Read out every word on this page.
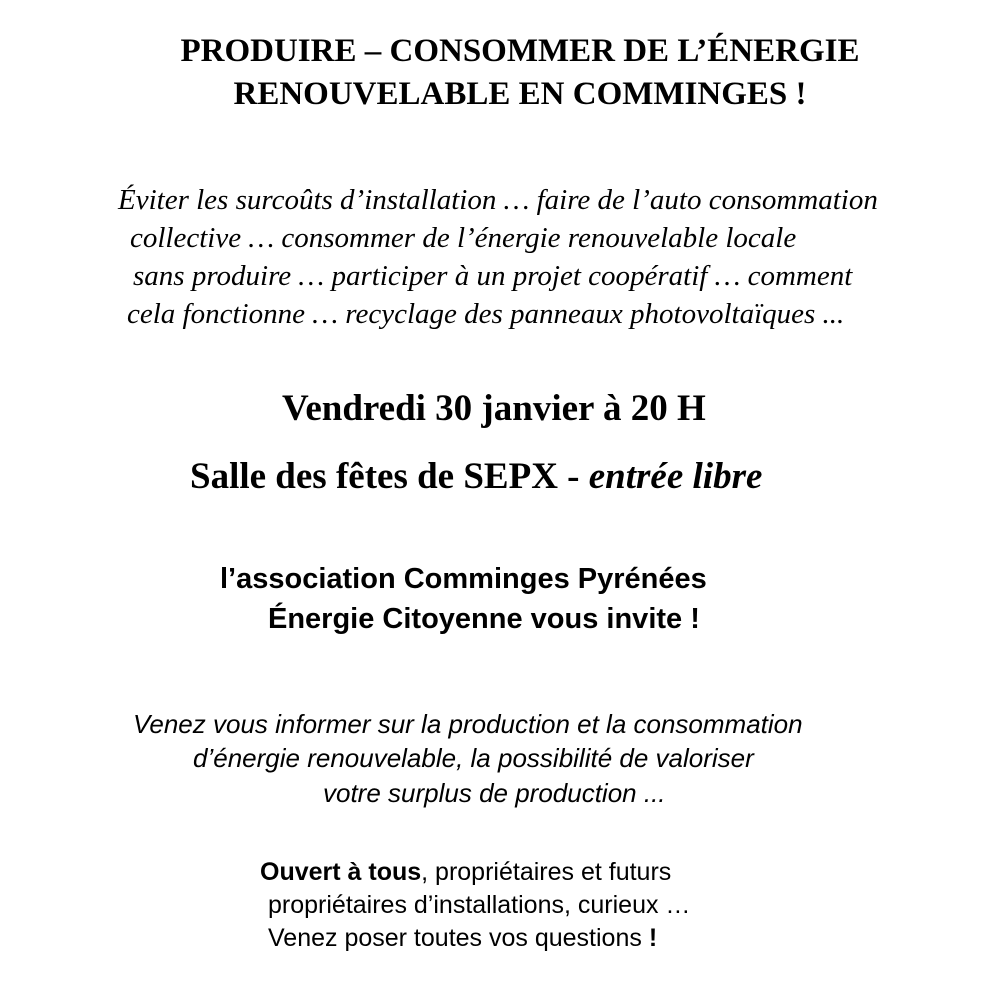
PRODUIRE – CONSOMMER DE L’ÉNERGIE
RENOUVELABLE EN COMMINGES !
Éviter les surcoûts d’installation … faire de l’auto consommation
collective … consommer de l’énergie renouvelable locale
sans produire … participer à un projet coopératif … comment
cela fonctionne … recyclage des panneaux photovoltaïques ...
Vendredi 30 janvier à 20 H
Salle des fêtes de SEPX - entrée libre
l’association Comminges Pyrénées
Énergie Citoyenne vous invite !
Venez vous informer sur la production et la consommation
d’énergie renouvelable, la possibilité de valoriser
votre surplus de production ...
Ouvert à tous, propriétaires et futurs
propriétaires d’installations, curieux …
Venez poser toutes vos questions !
